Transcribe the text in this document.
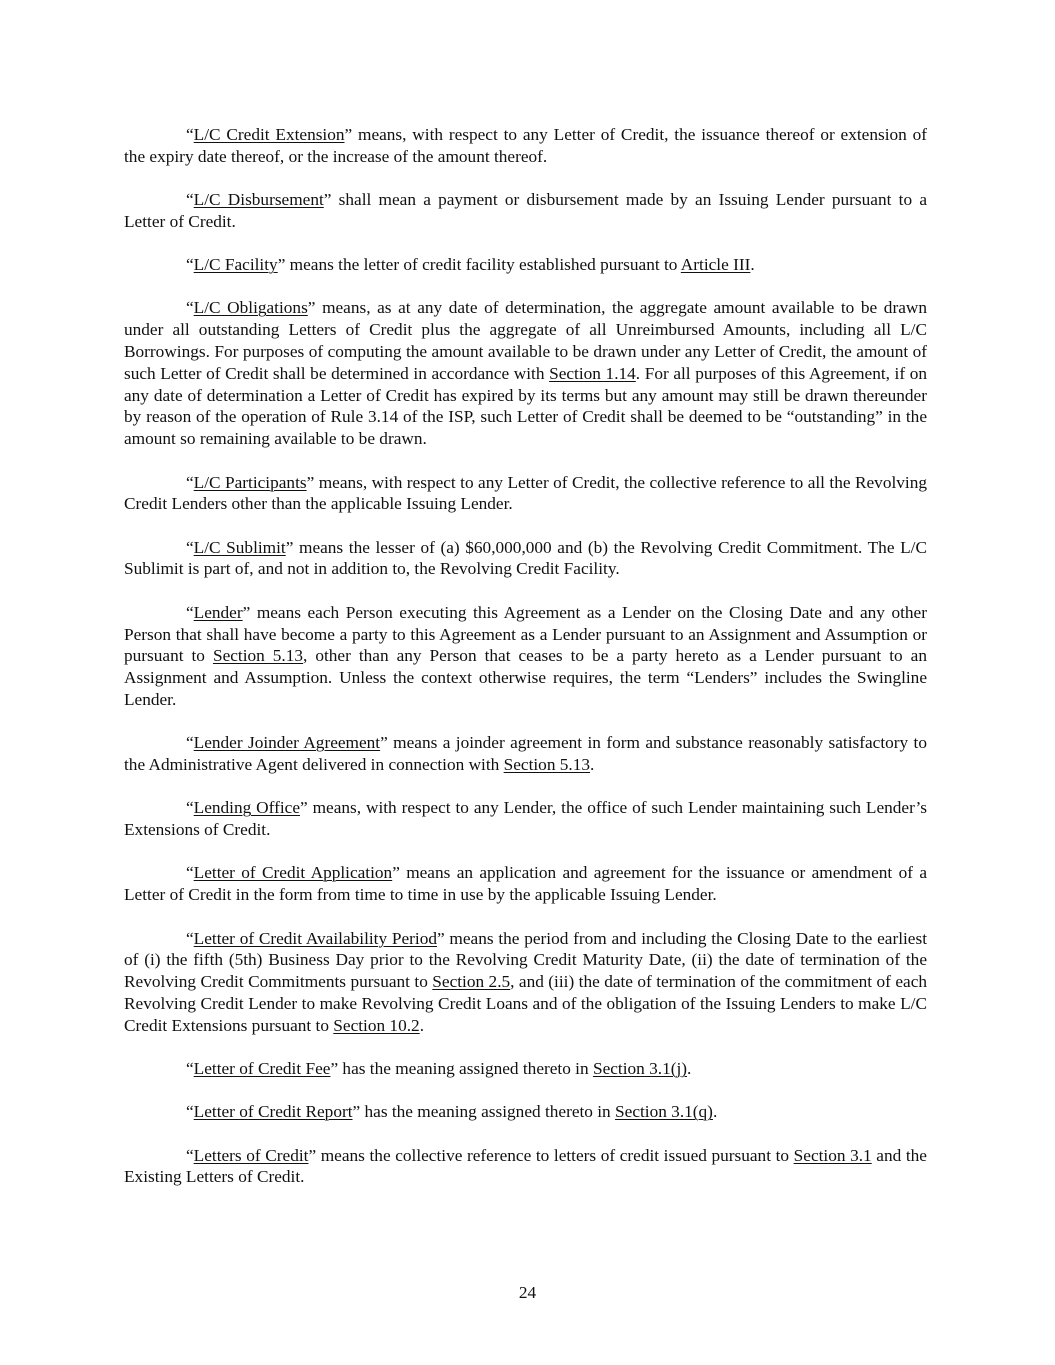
“L/C Credit Extension” means, with respect to any Letter of Credit, the issuance thereof or extension of the expiry date thereof, or the increase of the amount thereof.

“L/C Disbursement” shall mean a payment or disbursement made by an Issuing Lender pursuant to a Letter of Credit.

“L/C Facility” means the letter of credit facility established pursuant to Article III.

“L/C Obligations” means, as at any date of determination, the aggregate amount available to be drawn under all outstanding Letters of Credit plus the aggregate of all Unreimbursed Amounts, including all L/C Borrowings. For purposes of computing the amount available to be drawn under any Letter of Credit, the amount of such Letter of Credit shall be determined in accordance with Section 1.14. For all purposes of this Agreement, if on any date of determination a Letter of Credit has expired by its terms but any amount may still be drawn thereunder by reason of the operation of Rule 3.14 of the ISP, such Letter of Credit shall be deemed to be “outstanding” in the amount so remaining available to be drawn.

“L/C Participants” means, with respect to any Letter of Credit, the collective reference to all the Revolving Credit Lenders other than the applicable Issuing Lender.

“L/C Sublimit” means the lesser of (a) $60,000,000 and (b) the Revolving Credit Commitment. The L/C Sublimit is part of, and not in addition to, the Revolving Credit Facility.

“Lender” means each Person executing this Agreement as a Lender on the Closing Date and any other Person that shall have become a party to this Agreement as a Lender pursuant to an Assignment and Assumption or pursuant to Section 5.13, other than any Person that ceases to be a party hereto as a Lender pursuant to an Assignment and Assumption. Unless the context otherwise requires, the term “Lenders” includes the Swingline Lender.

“Lender Joinder Agreement” means a joinder agreement in form and substance reasonably satisfactory to the Administrative Agent delivered in connection with Section 5.13.

“Lending Office” means, with respect to any Lender, the office of such Lender maintaining such Lender’s Extensions of Credit.

“Letter of Credit Application” means an application and agreement for the issuance or amendment of a Letter of Credit in the form from time to time in use by the applicable Issuing Lender.

“Letter of Credit Availability Period” means the period from and including the Closing Date to the earliest of (i) the fifth (5th) Business Day prior to the Revolving Credit Maturity Date, (ii) the date of termination of the Revolving Credit Commitments pursuant to Section 2.5, and (iii) the date of termination of the commitment of each Revolving Credit Lender to make Revolving Credit Loans and of the obligation of the Issuing Lenders to make L/C Credit Extensions pursuant to Section 10.2.

“Letter of Credit Fee” has the meaning assigned thereto in Section 3.1(j).

“Letter of Credit Report” has the meaning assigned thereto in Section 3.1(q).

“Letters of Credit” means the collective reference to letters of credit issued pursuant to Section 3.1 and the Existing Letters of Credit.

24
